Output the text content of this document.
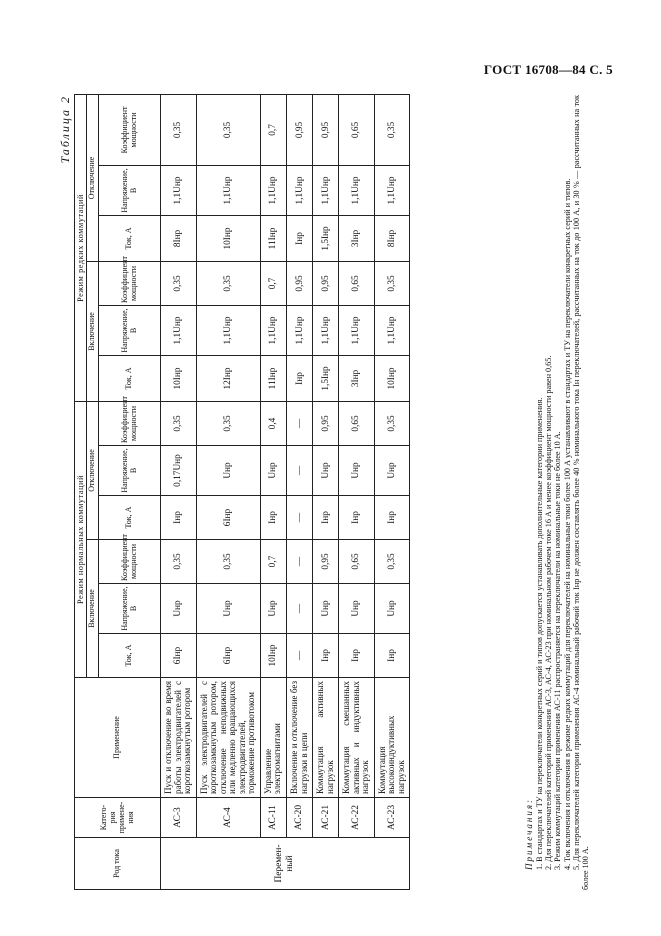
ГОСТ 16708—84 С. 5
Таблица 2
Род тока	Катего-рия примене-ния	Применение	Режим нормальных коммутаций						Режим редких коммутаций					
			Включение			Отключение			Включение			Отключение		
			Ток, А	Напряжение, В	Коэффициент мощности	Ток, А	Напряжение, В	Коэффициент мощности	Ток, А	Напряжение, В	Коэффициент мощности	Ток, А	Напряжение, В	Коэффициент мощности
Перемен-ный	АС-3	Пуск и отключение во время работы электродвигателей с короткозамкнутым ротором	6Iнр	Uнр	0,35	Iнр	0,17Uнр	0,35	10Iнр	1,1Uнр	0,35	8Iнр	1,1Uнр	0,35
	АС-4	Пуск электродвигателей с короткозамкнутым ротором, отключение неподвижных или медленно вращающихся электродвигателей, торможение противотоком	6Iнр	Uнр	0,35	6Iнр	Uнр	0,35	12Iнр	1,1Uнр	0,35	10Iнр	1,1Uнр	0,35
	АС-11	Управление электромагнитами	10Iнр	Uнр	0,7	Iнр	Uнр	0,4	11Iнр	1,1Uнр	0,7	11Iнр	1,1Uнр	0,7
	АС-20	Включение и отключение без нагрузки в цепи	—	—	—	—	—	—	Iнр	1,1Uнр	0,95	Iнр	1,1Uнр	0,95
	АС-21	Коммутация активных нагрузок	Iнр	Uнр	0,95	Iнр	Uнр	0,95	1,5Iнр	1,1Uнр	0,95	1,5Iнр	1,1Uнр	0,95
	АС-22	Коммутация смешанных активных и индуктивных нагрузок	Iнр	Uнр	0,65	Iнр	Uнр	0,65	3Iнр	1,1Uнр	0,65	3Iнр	1,1Uнр	0,65
	АС-23	Коммутация высокоиндуктивных нагрузок	Iнр	Uнр	0,35	Iнр	Uнр	0,35	10Iнр	1,1Uнр	0,35	8Iнр	1,1Uнр	0,35

Примечания: 1. В стандартах и ТУ на переключатели конкретных серий и типов допускается устанавливать дополнительные категории применения. 2. Для переключателей категорий применения АС-3, АС-4, АС-23 при номинальном рабочем токе 16 А и менее коэффициент мощности равен 0,65. 3. Режим коммутаций категории применения АС-11 распространяется на переключатели на номинальные токи не более 10 А. 4. Ток включения и отключения в режиме редких коммутаций для переключателей на номинальные токи более 100 А устанавливают в стандартах и ТУ на переключатели конкретных серий и типов. 5. Для переключателей категории применения АС-4 номинальный рабочий ток Iнр не должен составлять более 40 % номинального тока Iн переключателей, рассчитанных на ток до 100 А, и 30 % — рассчитанных на ток более 100 А.
